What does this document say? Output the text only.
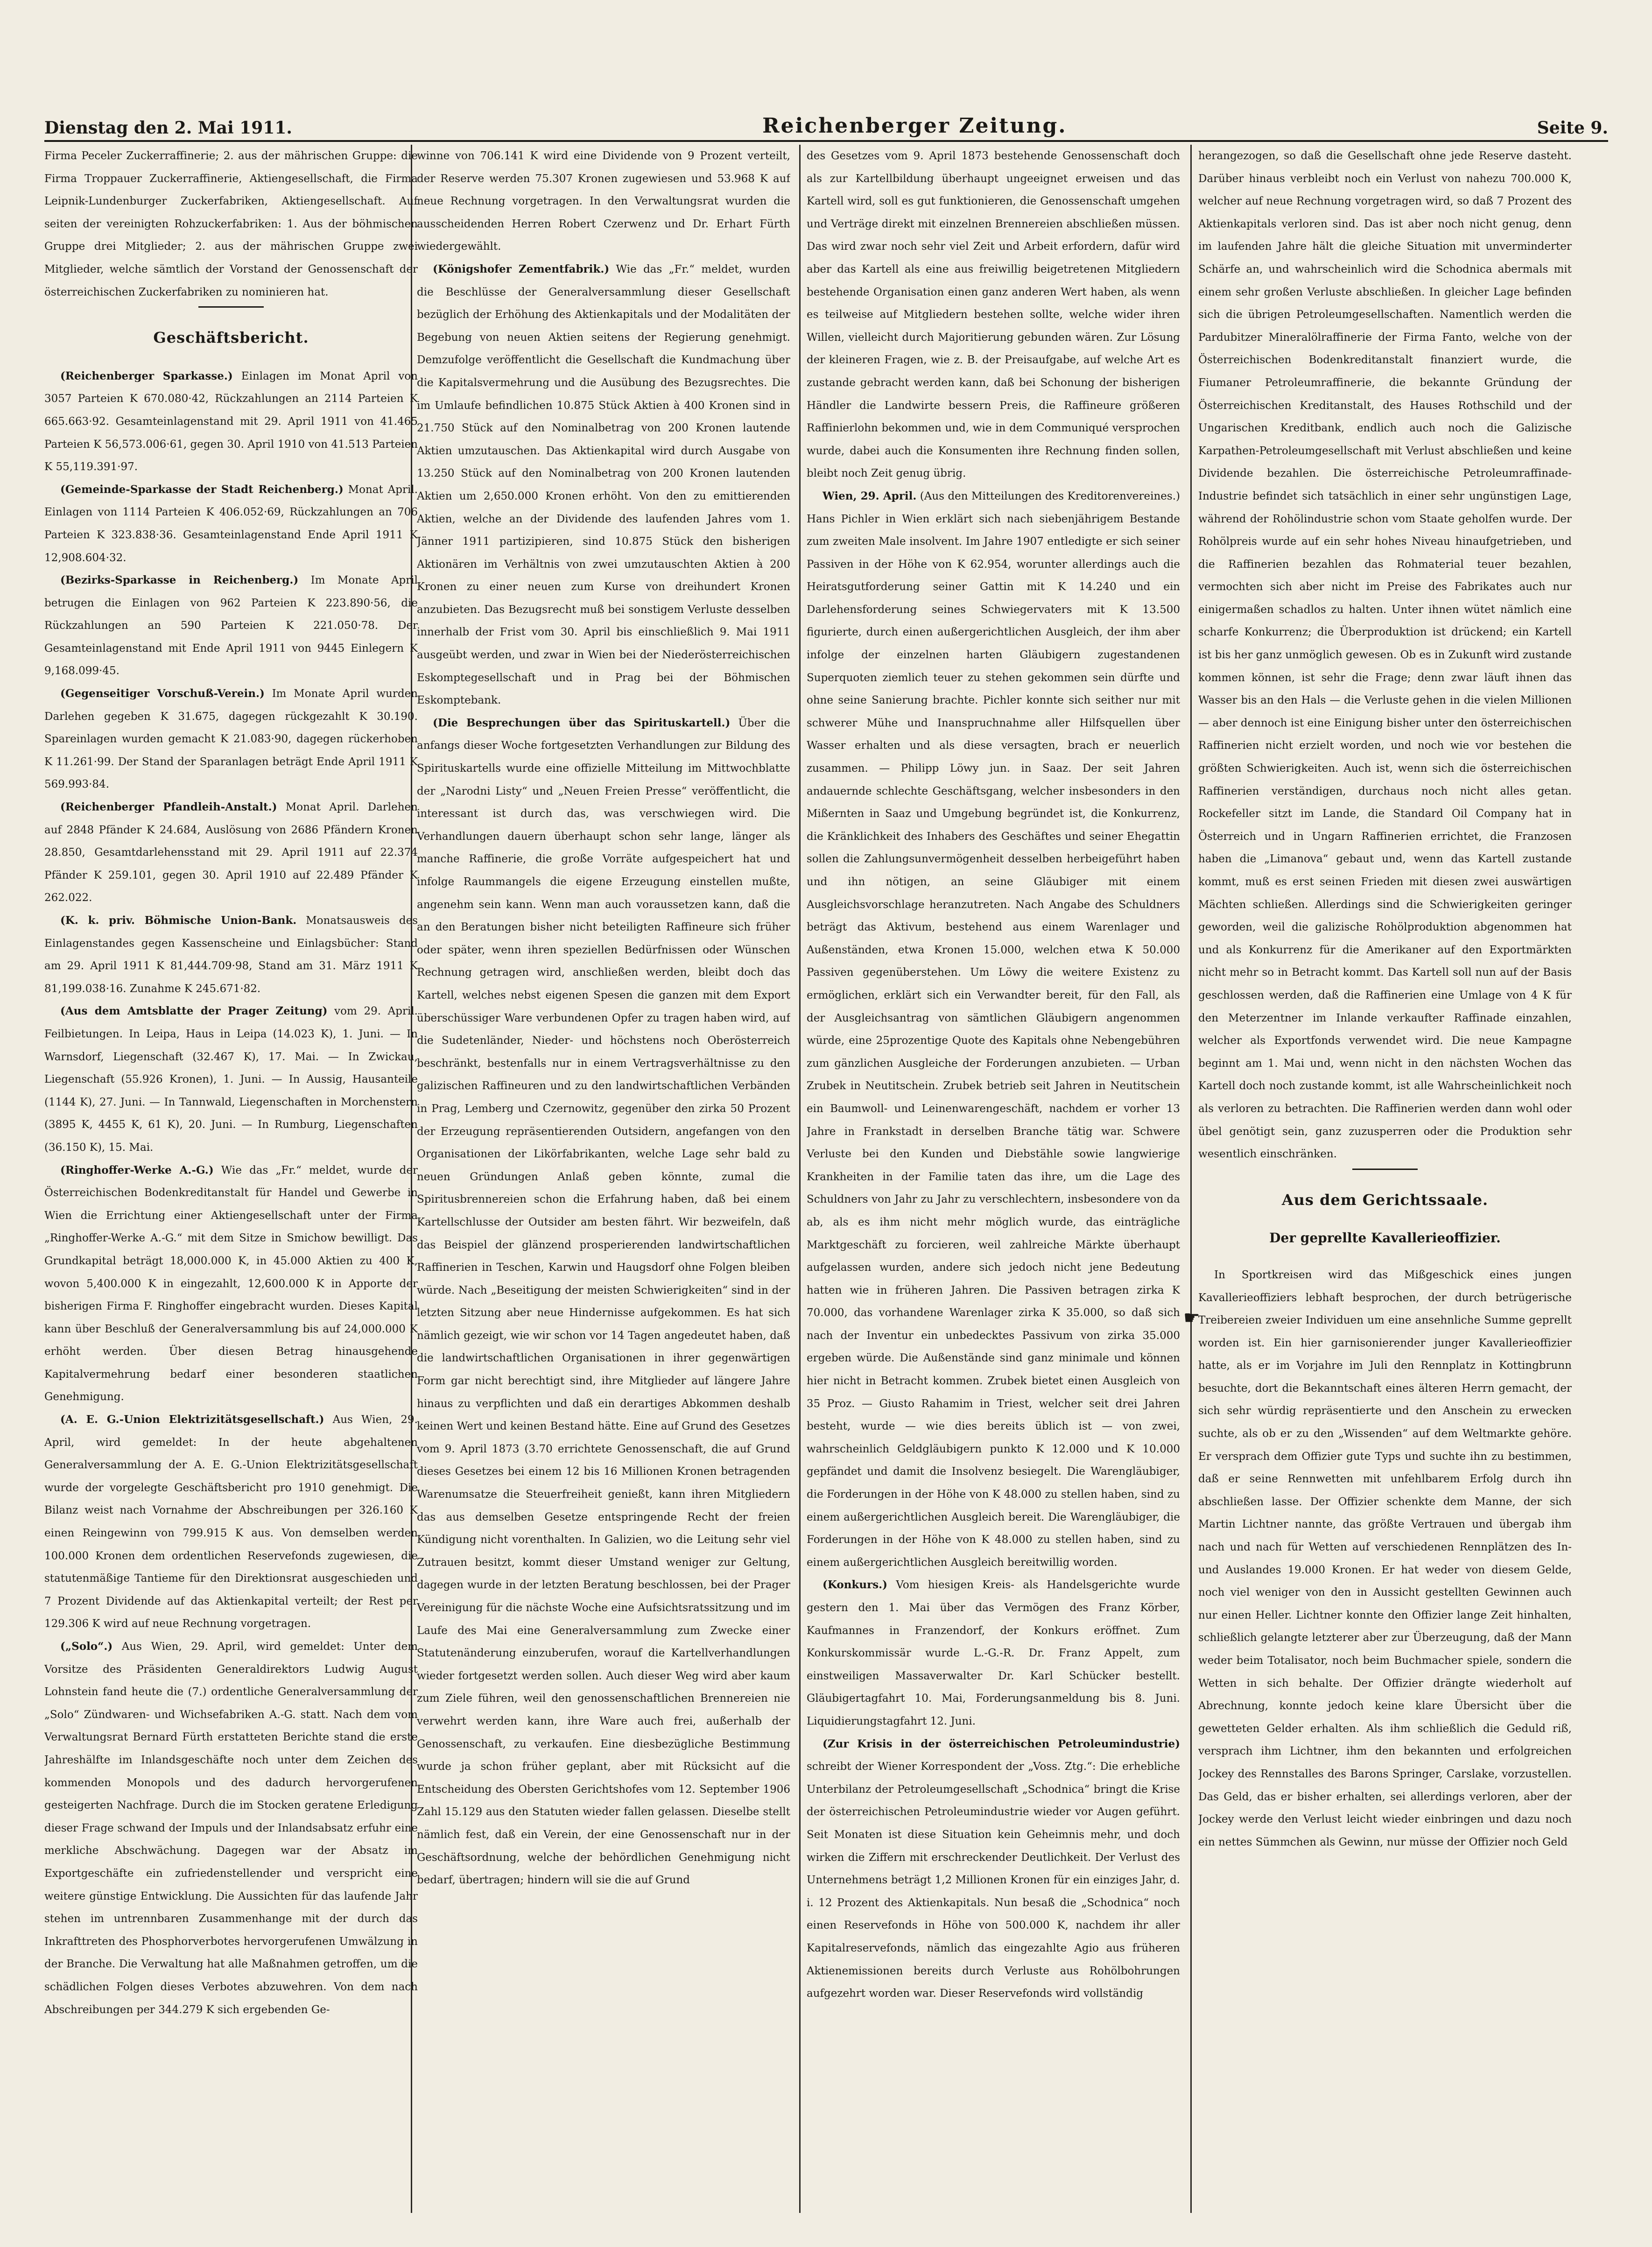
Dienstag den 2. Mai 1911.	Reichenberger Zeitung.	Seite 9.

Firma Peceler Zuckerraffinerie; 2. aus der mährischen Gruppe: die Firma Troppauer Zuckerraffinerie, Aktiengesellschaft, die Firma Leipnik-Lundenburger Zuckerfabriken, Aktiengesellschaft. Auf seiten der vereinigten Rohzuckerfabriken: 1. Aus der böhmischen Gruppe drei Mitglieder; 2. aus der mährischen Gruppe zwei Mitglieder, welche sämtlich der Vorstand der Genossenschaft der österreichischen Zuckerfabriken zu nominieren hat.

Geschäftsbericht.

(Reichenberger Sparkasse.) Einlagen im Monat April von 3057 Parteien K 670.080·42, Rückzahlungen an 2114 Parteien K 665.663·92. Gesamteinlagenstand mit 29. April 1911 von 41.465 Parteien K 56,573.006·61, gegen 30. April 1910 von 41.513 Parteien K 55,119.391·97.

(Gemeinde-Sparkasse der Stadt Reichenberg.) Monat April. Einlagen von 1114 Parteien K 406.052·69, Rückzahlungen an 706 Parteien K 323.838·36. Gesamteinlagenstand Ende April 1911 K 12,908.604·32.

(Bezirks-Sparkasse in Reichenberg.) Im Monate April betrugen die Einlagen von 962 Parteien K 223.890·56, die Rückzahlungen an 590 Parteien K 221.050·78. Der Gesamteinlagenstand mit Ende April 1911 von 9445 Einlegern K 9,168.099·45.

(Gegenseitiger Vorschuß-Verein.) Im Monate April wurden Darlehen gegeben K 31.675, dagegen rückgezahlt K 30.190. Spareinlagen wurden gemacht K 21.083·90, dagegen rückerhoben K 11.261·99. Der Stand der Sparanlagen beträgt Ende April 1911 K 569.993·84.

(Reichenberger Pfandleih-Anstalt.) Monat April. Darlehen auf 2848 Pfänder K 24.684, Auslösung von 2686 Pfändern Kronen 28.850, Gesamtdarlehensstand mit 29. April 1911 auf 22.374 Pfänder K 259.101, gegen 30. April 1910 auf 22.489 Pfänder K 262.022.

(K. k. priv. Böhmische Union-Bank. Monatsausweis des Einlagenstandes gegen Kassenscheine und Einlagsbücher: Stand am 29. April 1911 K 81,444.709·98, Stand am 31. März 1911 K 81,199.038·16. Zunahme K 245.671·82.

(Aus dem Amtsblatte der Prager Zeitung) vom 29. April. Feilbietungen. In Leipa, Haus in Leipa (14.023 K), 1. Juni. — In Warnsdorf, Liegenschaft (32.467 K), 17. Mai. — In Zwickau, Liegenschaft (55.926 Kronen), 1. Juni. — In Aussig, Hausanteile (1144 K), 27. Juni. — In Tannwald, Liegenschaften in Morchenstern (3895 K, 4455 K, 61 K), 20. Juni. — In Rumburg, Liegenschaften (36.150 K), 15. Mai.

(Ringhoffer-Werke A.-G.) Wie das „Fr.“ meldet, wurde der Österreichischen Bodenkreditanstalt für Handel und Gewerbe in Wien die Errichtung einer Aktiengesellschaft unter der Firma „Ringhoffer-Werke A.-G.“ mit dem Sitze in Smichow bewilligt. Das Grundkapital beträgt 18,000.000 K, in 45.000 Aktien zu 400 K, wovon 5,400.000 K in eingezahlt, 12,600.000 K in Apporte der bisherigen Firma F. Ringhoffer eingebracht wurden. Dieses Kapital kann über Beschluß der Generalversammlung bis auf 24,000.000 K erhöht werden. Über diesen Betrag hinausgehende Kapitalvermehrung bedarf einer besonderen staatlichen Genehmigung.

(A. E. G.-Union Elektrizitätsgesellschaft.) Aus Wien, 29. April, wird gemeldet: In der heute abgehaltenen Generalversammlung der A. E. G.-Union Elektrizitätsgesellschaft wurde der vorgelegte Geschäftsbericht pro 1910 genehmigt. Die Bilanz weist nach Vornahme der Abschreibungen per 326.160 K einen Reingewinn von 799.915 K aus. Von demselben werden 100.000 Kronen dem ordentlichen Reservefonds zugewiesen, die statutenmäßige Tantieme für den Direktionsrat ausgeschieden und 7 Prozent Dividende auf das Aktienkapital verteilt; der Rest per 129.306 K wird auf neue Rechnung vorgetragen.

(„Solo“.) Aus Wien, 29. April, wird gemeldet: Unter dem Vorsitze des Präsidenten Generaldirektors Ludwig August Lohnstein fand heute die (7.) ordentliche Generalversammlung der „Solo“ Zündwaren- und Wichsefabriken A.-G. statt. Nach dem vom Verwaltungsrat Bernard Fürth erstatteten Berichte stand die erste Jahreshälfte im Inlandsgeschäfte noch unter dem Zeichen des kommenden Monopols und des dadurch hervorgerufenen gesteigerten Nachfrage. Durch die im Stocken geratene Erledigung dieser Frage schwand der Impuls und der Inlandsabsatz erfuhr eine merkliche Abschwächung. Dagegen war der Absatz im Exportgeschäfte ein zufriedenstellender und verspricht eine weitere günstige Entwicklung. Die Aussichten für das laufende Jahr stehen im untrennbaren Zusammenhange mit der durch das Inkrafttreten des Phosphorverbotes hervorgerufenen Umwälzung in der Branche. Die Verwaltung hat alle Maßnahmen getroffen, um die schädlichen Folgen dieses Verbotes abzuwehren. Von dem nach Abschreibungen per 344.279 K sich ergebenden Ge-

winne von 706.141 K wird eine Dividende von 9 Prozent verteilt, der Reserve werden 75.307 Kronen zugewiesen und 53.968 K auf neue Rechnung vorgetragen. In den Verwaltungsrat wurden die ausscheidenden Herren Robert Czerwenz und Dr. Erhart Fürth wiedergewählt.

(Königshofer Zementfabrik.) Wie das „Fr.“ meldet, wurden die Beschlüsse der Generalversammlung dieser Gesellschaft bezüglich der Erhöhung des Aktienkapitals und der Modalitäten der Begebung von neuen Aktien seitens der Regierung genehmigt. Demzufolge veröffentlicht die Gesellschaft die Kundmachung über die Kapitalsvermehrung und die Ausübung des Bezugsrechtes. Die im Umlaufe befindlichen 10.875 Stück Aktien à 400 Kronen sind in 21.750 Stück auf den Nominalbetrag von 200 Kronen lautende Aktien umzutauschen. Das Aktienkapital wird durch Ausgabe von 13.250 Stück auf den Nominalbetrag von 200 Kronen lautenden Aktien um 2,650.000 Kronen erhöht. Von den zu emittierenden Aktien, welche an der Dividende des laufenden Jahres vom 1. Jänner 1911 partizipieren, sind 10.875 Stück den bisherigen Aktionären im Verhältnis von zwei umzutauschten Aktien à 200 Kronen zu einer neuen zum Kurse von dreihundert Kronen anzubieten. Das Bezugsrecht muß bei sonstigem Verluste desselben innerhalb der Frist vom 30. April bis einschließlich 9. Mai 1911 ausgeübt werden, und zwar in Wien bei der Niederösterreichischen Eskomptegesellschaft und in Prag bei der Böhmischen Eskomptebank.

(Die Besprechungen über das Spirituskartell.) Über die anfangs dieser Woche fortgesetzten Verhandlungen zur Bildung des Spirituskartells wurde eine offizielle Mitteilung im Mittwochblatte der „Narodni Listy“ und „Neuen Freien Presse“ veröffentlicht, die interessant ist durch das, was verschwiegen wird. Die Verhandlungen dauern überhaupt schon sehr lange, länger als manche Raffinerie, die große Vorräte aufgespeichert hat und infolge Raummangels die eigene Erzeugung einstellen mußte, angenehm sein kann. Wenn man auch voraussetzen kann, daß die an den Beratungen bisher nicht beteiligten Raffineure sich früher oder später, wenn ihren speziellen Bedürfnissen oder Wünschen Rechnung getragen wird, anschließen werden, bleibt doch das Kartell, welches nebst eigenen Spesen die ganzen mit dem Export überschüssiger Ware verbundenen Opfer zu tragen haben wird, auf die Sudetenländer, Nieder- und höchstens noch Oberösterreich beschränkt, bestenfalls nur in einem Vertragsverhältnisse zu den galizischen Raffineuren und zu den landwirtschaftlichen Verbänden in Prag, Lemberg und Czernowitz, gegenüber den zirka 50 Prozent der Erzeugung repräsentierenden Outsidern, angefangen von den Organisationen der Likörfabrikanten, welche Lage sehr bald zu neuen Gründungen Anlaß geben könnte, zumal die Spiritusbrennereien schon die Erfahrung haben, daß bei einem Kartellschlusse der Outsider am besten fährt. Wir bezweifeln, daß das Beispiel der glänzend prosperierenden landwirtschaftlichen Raffinerien in Teschen, Karwin und Haugsdorf ohne Folgen bleiben würde. Nach „Beseitigung der meisten Schwierigkeiten“ sind in der letzten Sitzung aber neue Hindernisse aufgekommen. Es hat sich nämlich gezeigt, wie wir schon vor 14 Tagen angedeutet haben, daß die landwirtschaftlichen Organisationen in ihrer gegenwärtigen Form gar nicht berechtigt sind, ihre Mitglieder auf längere Jahre hinaus zu verpflichten und daß ein derartiges Abkommen deshalb keinen Wert und keinen Bestand hätte. Eine auf Grund des Gesetzes vom 9. April 1873 (3.70 errichtete Genossenschaft, die auf Grund dieses Gesetzes bei einem 12 bis 16 Millionen Kronen betragenden Warenumsatze die Steuerfreiheit genießt, kann ihren Mitgliedern das aus demselben Gesetze entspringende Recht der freien Kündigung nicht vorenthalten. In Galizien, wo die Leitung sehr viel Zutrauen besitzt, kommt dieser Umstand weniger zur Geltung, dagegen wurde in der letzten Beratung beschlossen, bei der Prager Vereinigung für die nächste Woche eine Aufsichtsratssitzung und im Laufe des Mai eine Generalversammlung zum Zwecke einer Statutenänderung einzuberufen, worauf die Kartellverhandlungen wieder fortgesetzt werden sollen. Auch dieser Weg wird aber kaum zum Ziele führen, weil den genossenschaftlichen Brennereien nie verwehrt werden kann, ihre Ware auch frei, außerhalb der Genossenschaft, zu verkaufen. Eine diesbezügliche Bestimmung wurde ja schon früher geplant, aber mit Rücksicht auf die Entscheidung des Obersten Gerichtshofes vom 12. September 1906 Zahl 15.129 aus den Statuten wieder fallen gelassen. Dieselbe stellt nämlich fest, daß ein Verein, der eine Genossenschaft nur in der Geschäftsordnung, welche der behördlichen Genehmigung nicht bedarf, übertragen; hindern will sie die auf Grund

des Gesetzes vom 9. April 1873 bestehende Genossenschaft doch als zur Kartellbildung überhaupt ungeeignet erweisen und das Kartell wird, soll es gut funktionieren, die Genossenschaft umgehen und Verträge direkt mit einzelnen Brennereien abschließen müssen. Das wird zwar noch sehr viel Zeit und Arbeit erfordern, dafür wird aber das Kartell als eine aus freiwillig beigetretenen Mitgliedern bestehende Organisation einen ganz anderen Wert haben, als wenn es teilweise auf Mitgliedern bestehen sollte, welche wider ihren Willen, vielleicht durch Majoritierung gebunden wären. Zur Lösung der kleineren Fragen, wie z. B. der Preisaufgabe, auf welche Art es zustande gebracht werden kann, daß bei Schonung der bisherigen Händler die Landwirte bessern Preis, die Raffineure größeren Raffinierlohn bekommen und, wie in dem Communiqué versprochen wurde, dabei auch die Konsumenten ihre Rechnung finden sollen, bleibt noch Zeit genug übrig.

Wien, 29. April. (Aus den Mitteilungen des Kreditorenvereines.) Hans Pichler in Wien erklärt sich nach siebenjährigem Bestande zum zweiten Male insolvent. Im Jahre 1907 entledigte er sich seiner Passiven in der Höhe von K 62.954, worunter allerdings auch die Heiratsgutforderung seiner Gattin mit K 14.240 und ein Darlehensforderung seines Schwiegervaters mit K 13.500 figurierte, durch einen außergerichtlichen Ausgleich, der ihm aber infolge der einzelnen harten Gläubigern zugestandenen Superquoten ziemlich teuer zu stehen gekommen sein dürfte und ohne seine Sanierung brachte. Pichler konnte sich seither nur mit schwerer Mühe und Inanspruchnahme aller Hilfsquellen über Wasser erhalten und als diese versagten, brach er neuerlich zusammen. — Philipp Löwy jun. in Saaz. Der seit Jahren andauernde schlechte Geschäftsgang, welcher insbesonders in den Mißernten in Saaz und Umgebung begründet ist, die Konkurrenz, die Kränklichkeit des Inhabers des Geschäftes und seiner Ehegattin sollen die Zahlungsunvermögenheit desselben herbeigeführt haben und ihn nötigen, an seine Gläubiger mit einem Ausgleichsvorschlage heranzutreten. Nach Angabe des Schuldners beträgt das Aktivum, bestehend aus einem Warenlager und Außenständen, etwa Kronen 15.000, welchen etwa K 50.000 Passiven gegenüberstehen. Um Löwy die weitere Existenz zu ermöglichen, erklärt sich ein Verwandter bereit, für den Fall, als der Ausgleichsantrag von sämtlichen Gläubigern angenommen würde, eine 25prozentige Quote des Kapitals ohne Nebengebühren zum gänzlichen Ausgleiche der Forderungen anzubieten. — Urban Zrubek in Neutitschein. Zrubek betrieb seit Jahren in Neutitschein ein Baumwoll- und Leinenwarengeschäft, nachdem er vorher 13 Jahre in Frankstadt in derselben Branche tätig war. Schwere Verluste bei den Kunden und Diebstähle sowie langwierige Krankheiten in der Familie taten das ihre, um die Lage des Schuldners von Jahr zu Jahr zu verschlechtern, insbesondere von da ab, als es ihm nicht mehr möglich wurde, das einträgliche Marktgeschäft zu forcieren, weil zahlreiche Märkte überhaupt aufgelassen wurden, andere sich jedoch nicht jene Bedeutung hatten wie in früheren Jahren. Die Passiven betragen zirka K 70.000, das vorhandene Warenlager zirka K 35.000, so daß sich nach der Inventur ein unbedecktes Passivum von zirka 35.000 ergeben würde. Die Außenstände sind ganz minimale und können hier nicht in Betracht kommen. Zrubek bietet einen Ausgleich von 35 Proz. — Giusto Rahamim in Triest, welcher seit drei Jahren besteht, wurde — wie dies bereits üblich ist — von zwei, wahrscheinlich Geldgläubigern punkto K 12.000 und K 10.000 gepfändet und damit die Insolvenz besiegelt. Die Warengläubiger, die Forderungen in der Höhe von K 48.000 zu stellen haben, sind zu einem außergerichtlichen Ausgleich bereit. Die Warengläubiger, die Forderungen in der Höhe von K 48.000 zu stellen haben, sind zu einem außergerichtlichen Ausgleich bereitwillig worden.

(Konkurs.) Vom hiesigen Kreis- als Handelsgerichte wurde gestern den 1. Mai über das Vermögen des Franz Körber, Kaufmannes in Franzendorf, der Konkurs eröffnet. Zum Konkurskommissär wurde L.-G.-R. Dr. Franz Appelt, zum einstweiligen Massaverwalter Dr. Karl Schücker bestellt. Gläubigertagfahrt 10. Mai, Forderungsanmeldung bis 8. Juni. Liquidierungstagfahrt 12. Juni.

(Zur Krisis in der österreichischen Petroleumindustrie) schreibt der Wiener Korrespondent der „Voss. Ztg.“: Die erhebliche Unterbilanz der Petroleumgesellschaft „Schodnica“ bringt die Krise der österreichischen Petroleumindustrie wieder vor Augen geführt. Seit Monaten ist diese Situation kein Geheimnis mehr, und doch wirken die Ziffern mit erschreckender Deutlichkeit. Der Verlust des Unternehmens beträgt 1,2 Millionen Kronen für ein einziges Jahr, d. i. 12 Prozent des Aktienkapitals. Nun besaß die „Schodnica“ noch einen Reservefonds in Höhe von 500.000 K, nachdem ihr aller Kapitalreservefonds, nämlich das eingezahlte Agio aus früheren Aktienemissionen bereits durch Verluste aus Rohölbohrungen aufgezehrt worden war. Dieser Reservefonds wird vollständig

herangezogen, so daß die Gesellschaft ohne jede Reserve dasteht. Darüber hinaus verbleibt noch ein Verlust von nahezu 700.000 K, welcher auf neue Rechnung vorgetragen wird, so daß 7 Prozent des Aktienkapitals verloren sind. Das ist aber noch nicht genug, denn im laufenden Jahre hält die gleiche Situation mit unverminderter Schärfe an, und wahrscheinlich wird die Schodnica abermals mit einem sehr großen Verluste abschließen. In gleicher Lage befinden sich die übrigen Petroleumgesellschaften. Namentlich werden die Pardubitzer Mineralölraffinerie der Firma Fanto, welche von der Österreichischen Bodenkreditanstalt finanziert wurde, die Fiumaner Petroleumraffinerie, die bekannte Gründung der Österreichischen Kreditanstalt, des Hauses Rothschild und der Ungarischen Kreditbank, endlich auch noch die Galizische Karpathen-Petroleumgesellschaft mit Verlust abschließen und keine Dividende bezahlen. Die österreichische Petroleumraffinade-Industrie befindet sich tatsächlich in einer sehr ungünstigen Lage, während der Rohölindustrie schon vom Staate geholfen wurde. Der Rohölpreis wurde auf ein sehr hohes Niveau hinaufgetrieben, und die Raffinerien bezahlen das Rohmaterial teuer bezahlen, vermochten sich aber nicht im Preise des Fabrikates auch nur einigermaßen schadlos zu halten. Unter ihnen wütet nämlich eine scharfe Konkurrenz; die Überproduktion ist drückend; ein Kartell ist bis her ganz unmöglich gewesen. Ob es in Zukunft wird zustande kommen können, ist sehr die Frage; denn zwar läuft ihnen das Wasser bis an den Hals — die Verluste gehen in die vielen Millionen — aber dennoch ist eine Einigung bisher unter den österreichischen Raffinerien nicht erzielt worden, und noch wie vor bestehen die größten Schwierigkeiten. Auch ist, wenn sich die österreichischen Raffinerien verständigen, durchaus noch nicht alles getan. Rockefeller sitzt im Lande, die Standard Oil Company hat in Österreich und in Ungarn Raffinerien errichtet, die Franzosen haben die „Limanova“ gebaut und, wenn das Kartell zustande kommt, muß es erst seinen Frieden mit diesen zwei auswärtigen Mächten schließen. Allerdings sind die Schwierigkeiten geringer geworden, weil die galizische Rohölproduktion abgenommen hat und als Konkurrenz für die Amerikaner auf den Exportmärkten nicht mehr so in Betracht kommt. Das Kartell soll nun auf der Basis geschlossen werden, daß die Raffinerien eine Umlage von 4 K für den Meterzentner im Inlande verkaufter Raffinade einzahlen, welcher als Exportfonds verwendet wird. Die neue Kampagne beginnt am 1. Mai und, wenn nicht in den nächsten Wochen das Kartell doch noch zustande kommt, ist alle Wahrscheinlichkeit noch als verloren zu betrachten. Die Raffinerien werden dann wohl oder übel genötigt sein, ganz zuzusperren oder die Produktion sehr wesentlich einschränken.

Aus dem Gerichtssaale.
Der geprellte Kavallerieoffizier.

In Sportkreisen wird das Mißgeschick eines jungen Kavallerieoffiziers lebhaft besprochen, der durch betrügerische Treibereien zweier Individuen um eine ansehnliche Summe geprellt worden ist. Ein hier garnisonierender junger Kavallerieoffizier hatte, als er im Vorjahre im Juli den Rennplatz in Kottingbrunn besuchte, dort die Bekanntschaft eines älteren Herrn gemacht, der sich sehr würdig repräsentierte und den Anschein zu erwecken suchte, als ob er zu den „Wissenden“ auf dem Weltmarkte gehöre. Er versprach dem Offizier gute Typs und suchte ihn zu bestimmen, daß er seine Rennwetten mit unfehlbarem Erfolg durch ihn abschließen lasse. Der Offizier schenkte dem Manne, der sich Martin Lichtner nannte, das größte Vertrauen und übergab ihm nach und nach für Wetten auf verschiedenen Rennplätzen des In- und Auslandes 19.000 Kronen. Er hat weder von diesem Gelde, noch viel weniger von den in Aussicht gestellten Gewinnen auch nur einen Heller. Lichtner konnte den Offizier lange Zeit hinhalten, schließlich gelangte letzterer aber zur Überzeugung, daß der Mann weder beim Totalisator, noch beim Buchmacher spiele, sondern die Wetten in sich behalte. Der Offizier drängte wiederholt auf Abrechnung, konnte jedoch keine klare Übersicht über die gewetteten Gelder erhalten. Als ihm schließlich die Geduld riß, versprach ihm Lichtner, ihm den bekannten und erfolgreichen Jockey des Rennstalles des Barons Springer, Carslake, vorzustellen. Das Geld, das er bisher erhalten, sei allerdings verloren, aber der Jockey werde den Verlust leicht wieder einbringen und dazu noch ein nettes Sümmchen als Gewinn, nur müsse der Offizier noch Geld

☛
